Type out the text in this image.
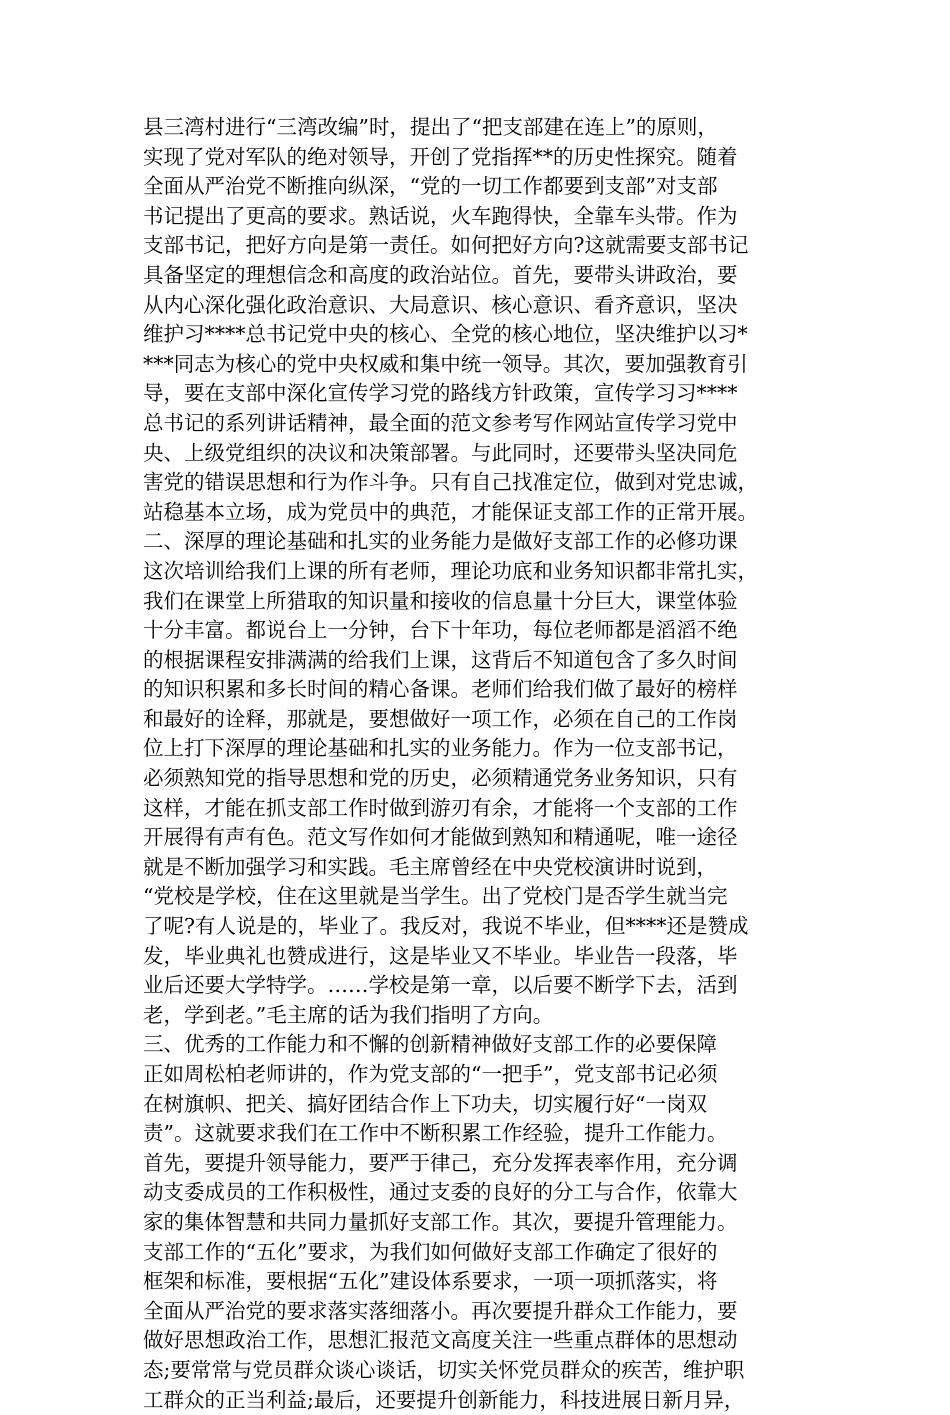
县三湾村进行“三湾改编”时，提出了“把支部建在连上”的原则，
实现了党对军队的绝对领导，开创了党指挥**的历史性探究。随着
全面从严治党不断推向纵深，“党的一切工作都要到支部”对支部
书记提出了更高的要求。熟话说，火车跑得快，全靠车头带。作为
支部书记，把好方向是第一责任。如何把好方向?这就需要支部书记
具备坚定的理想信念和高度的政治站位。首先，要带头讲政治，要
从内心深化强化政治意识、大局意识、核心意识、看齐意识，坚决
维护习****总书记党中央的核心、全党的核心地位，坚决维护以习*
***同志为核心的党中央权威和集中统一领导。其次，要加强教育引
导，要在支部中深化宣传学习党的路线方针政策，宣传学习习****
总书记的系列讲话精神，最全面的范文参考写作网站宣传学习党中
央、上级党组织的决议和决策部署。与此同时，还要带头坚决同危
害党的错误思想和行为作斗争。只有自己找准定位，做到对党忠诚，
站稳基本立场，成为党员中的典范，才能保证支部工作的正常开展。
二、深厚的理论基础和扎实的业务能力是做好支部工作的必修功课
这次培训给我们上课的所有老师，理论功底和业务知识都非常扎实，
我们在课堂上所猎取的知识量和接收的信息量十分巨大，课堂体验
十分丰富。都说台上一分钟，台下十年功，每位老师都是滔滔不绝
的根据课程安排满满的给我们上课，这背后不知道包含了多久时间
的知识积累和多长时间的精心备课。老师们给我们做了最好的榜样
和最好的诠释，那就是，要想做好一项工作，必须在自己的工作岗
位上打下深厚的理论基础和扎实的业务能力。作为一位支部书记，
必须熟知党的指导思想和党的历史，必须精通党务业务知识，只有
这样，才能在抓支部工作时做到游刃有余，才能将一个支部的工作
开展得有声有色。范文写作如何才能做到熟知和精通呢，唯一途径
就是不断加强学习和实践。毛主席曾经在中央党校演讲时说到，
“党校是学校，住在这里就是当学生。出了党校门是否学生就当完
了呢?有人说是的，毕业了。我反对，我说不毕业，但****还是赞成
发，毕业典礼也赞成进行，这是毕业又不毕业。毕业告一段落，毕
业后还要大学特学。……学校是第一章，以后要不断学下去，活到
老，学到老。”毛主席的话为我们指明了方向。
三、优秀的工作能力和不懈的创新精神做好支部工作的必要保障
正如周松柏老师讲的，作为党支部的“一把手”，党支部书记必须
在树旗帜、把关、搞好团结合作上下功夫，切实履行好“一岗双
责”。这就要求我们在工作中不断积累工作经验，提升工作能力。
首先，要提升领导能力，要严于律己，充分发挥表率作用，充分调
动支委成员的工作积极性，通过支委的良好的分工与合作，依靠大
家的集体智慧和共同力量抓好支部工作。其次，要提升管理能力。
支部工作的“五化”要求，为我们如何做好支部工作确定了很好的
框架和标准，要根据“五化”建设体系要求，一项一项抓落实，将
全面从严治党的要求落实落细落小。再次要提升群众工作能力，要
做好思想政治工作，思想汇报范文高度关注一些重点群体的思想动
态;要常常与党员群众谈心谈话，切实关怀党员群众的疾苦，维护职
工群众的正当利益;最后，还要提升创新能力，科技进展日新月异，
